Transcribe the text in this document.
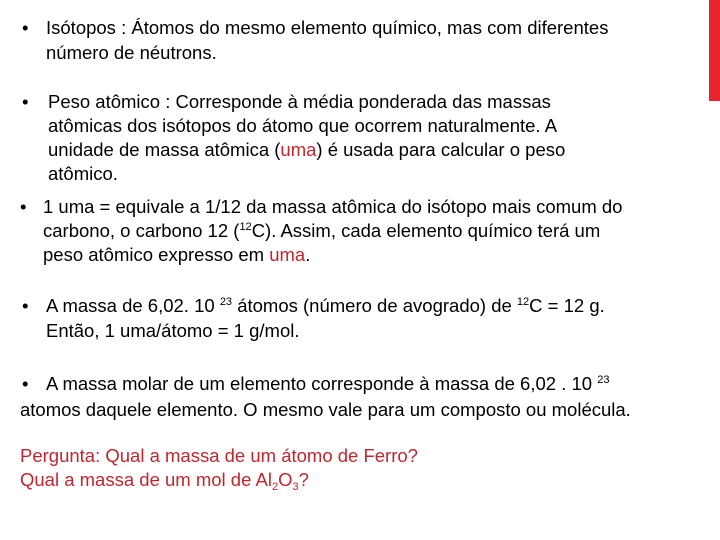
• Isótopos : Átomos do mesmo elemento químico, mas com diferentes
número de néutrons.
• Peso atômico : Corresponde à média ponderada das massas
atômicas dos isótopos do átomo que ocorrem naturalmente. A
unidade de massa atômica (uma) é usada para calcular o peso
atômico.
• 1 uma = equivale a 1/12 da massa atômica do isótopo mais comum do
carbono, o carbono 12 ($^{12}$C). Assim, cada elemento químico terá um
peso atômico expresso em uma.
• A massa de 6,02. 10 $^{23}$ átomos (número de avogrado) de $^{12}$C = 12 g.
Então, 1 uma/átomo = 1 g/mol.
• A massa molar de um elemento corresponde à massa de 6,02 . 10 $^{23}$
atomos daquele elemento. O mesmo vale para um composto ou molécula.
Pergunta: Qual a massa de um átomo de Ferro?
Qual a massa de um mol de $Al_2O_3$?
